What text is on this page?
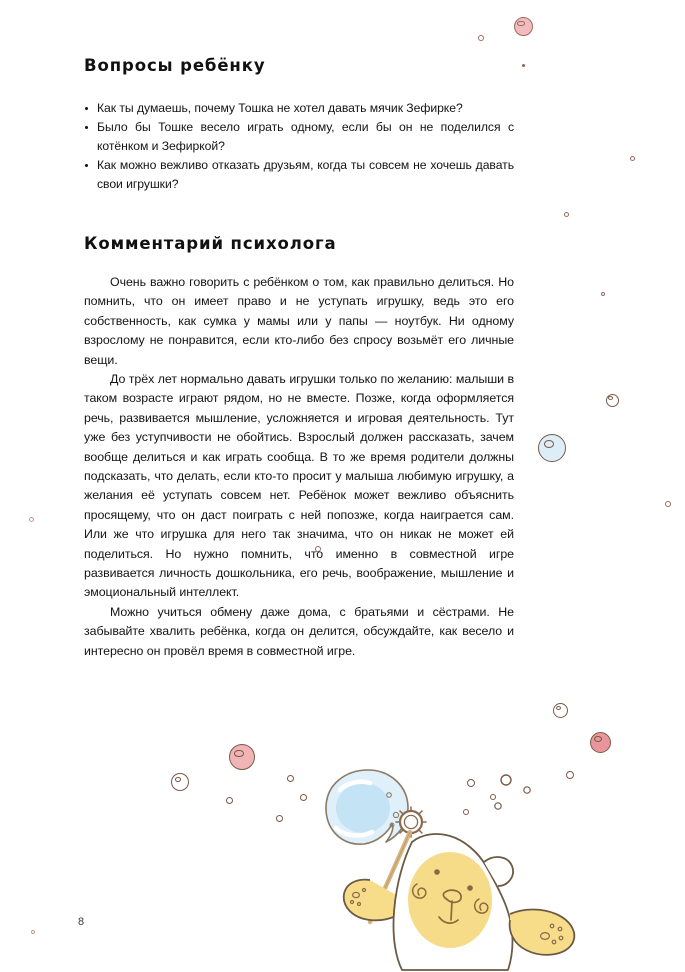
Вопросы ребёнку
Как ты думаешь, почему Тошка не хотел давать мячик Зефирке?
Было бы Тошке весело играть одному, если бы он не поделился с котёнком и Зефиркой?
Как можно вежливо отказать друзьям, когда ты совсем не хочешь давать свои игрушки?
Комментарий психолога

Очень важно говорить с ребёнком о том, как правильно делиться. Но помнить, что он имеет право и не уступать игрушку, ведь это его собственность, как сумка у мамы или у папы — ноутбук. Ни одному взрослому не понравится, если кто-либо без спросу возьмёт его личные вещи.

До трёх лет нормально давать игрушки только по желанию: малыши в таком возрасте играют рядом, но не вместе. Позже, когда оформляется речь, развивается мышление, усложняется и игровая деятельность. Тут уже без уступчивости не обойтись. Взрослый должен рассказать, зачем вообще делиться и как играть сообща. В то же время родители должны подсказать, что делать, если кто-то просит у малыша любимую игрушку, а желания её уступать совсем нет. Ребёнок может вежливо объяснить просящему, что он даст поиграть с ней попозже, когда наиграется сам. Или же что игрушка для него так значима, что он никак не может ей поделиться. Но нужно помнить, что именно в совместной игре развивается личность дошкольника, его речь, воображение, мышление и эмоциональный интеллект.

Можно учиться обмену даже дома, с братьями и сёстрами. Не забывайте хвалить ребёнка, когда он делится, обсуждайте, как весело и интересно он провёл время в совместной игре.

8
